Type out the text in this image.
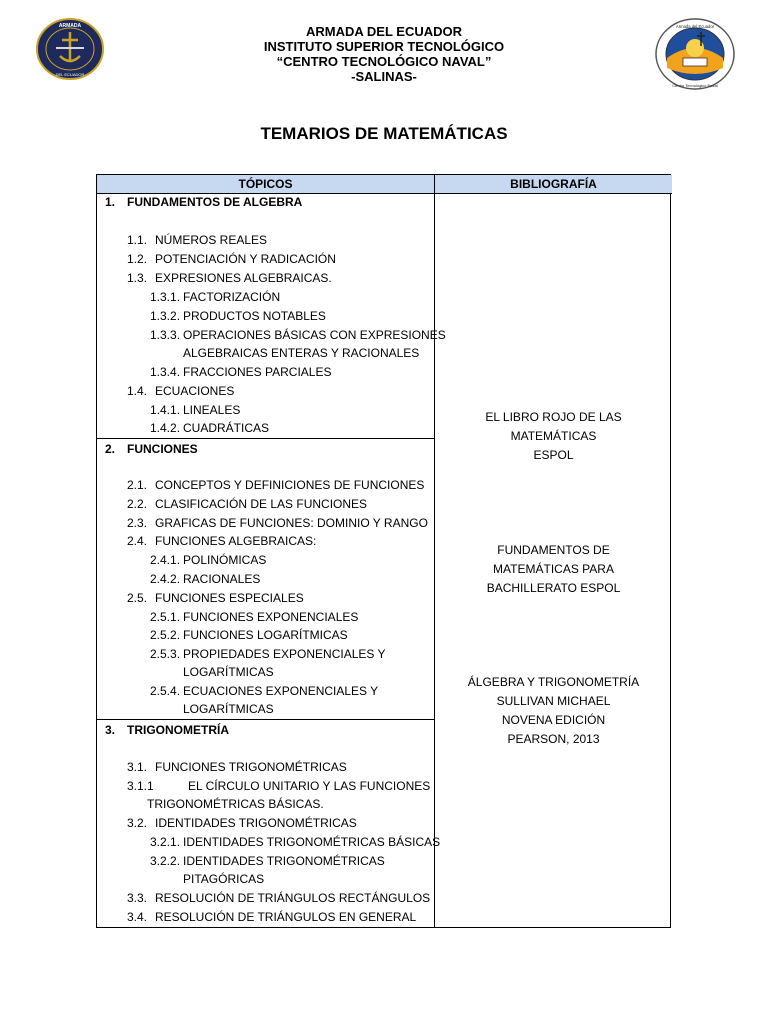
ARMADA
DEL ECUADOR
Armada del Ecuador
Centro Tecnológico Naval
ARMADA DEL ECUADOR
INSTITUTO SUPERIOR TECNOLÓGICO
“CENTRO TECNOLÓGICO NAVAL”
-SALINAS-
TEMARIOS DE MATEMÁTICAS
TÓPICOS	BIBLIOGRAFÍA
1. FUNDAMENTOS DE ALGEBRA
1.1. NÚMEROS REALES
1.2. POTENCIACIÓN Y RADICACIÓN
1.3. EXPRESIONES ALGEBRAICAS.
1.3.1. FACTORIZACIÓN
1.3.2. PRODUCTOS NOTABLES
1.3.3. OPERACIONES BÁSICAS CON EXPRESIONES
ALGEBRAICAS ENTERAS Y RACIONALES
1.3.4. FRACCIONES PARCIALES
1.4. ECUACIONES
1.4.1. LINEALES
1.4.2. CUADRÁTICAS
2. FUNCIONES
2.1. CONCEPTOS Y DEFINICIONES DE FUNCIONES
2.2. CLASIFICACIÓN DE LAS FUNCIONES
2.3. GRAFICAS DE FUNCIONES: DOMINIO Y RANGO
2.4. FUNCIONES ALGEBRAICAS:
2.4.1. POLINÓMICAS
2.4.2. RACIONALES
2.5. FUNCIONES ESPECIALES
2.5.1. FUNCIONES EXPONENCIALES
2.5.2. FUNCIONES LOGARÍTMICAS
2.5.3. PROPIEDADES EXPONENCIALES Y
LOGARÍTMICAS
2.5.4. ECUACIONES EXPONENCIALES Y
LOGARÍTMICAS
3. TRIGONOMETRÍA
3.1. FUNCIONES TRIGONOMÉTRICAS
3.1.1	EL CÍRCULO UNITARIO Y LAS FUNCIONES
TRIGONOMÉTRICAS BÁSICAS.
3.2. IDENTIDADES TRIGONOMÉTRICAS
3.2.1. IDENTIDADES TRIGONOMÉTRICAS BÁSICAS
3.2.2. IDENTIDADES TRIGONOMÉTRICAS
PITAGÓRICAS
3.3. RESOLUCIÓN DE TRIÁNGULOS RECTÁNGULOS
3.4. RESOLUCIÓN DE TRIÁNGULOS EN GENERAL
EL LIBRO ROJO DE LAS
MATEMÁTICAS
ESPOL
FUNDAMENTOS DE
MATEMÁTICAS PARA
BACHILLERATO ESPOL
ÁLGEBRA Y TRIGONOMETRÍA
SULLIVAN MICHAEL
NOVENA EDICIÓN
PEARSON, 2013
